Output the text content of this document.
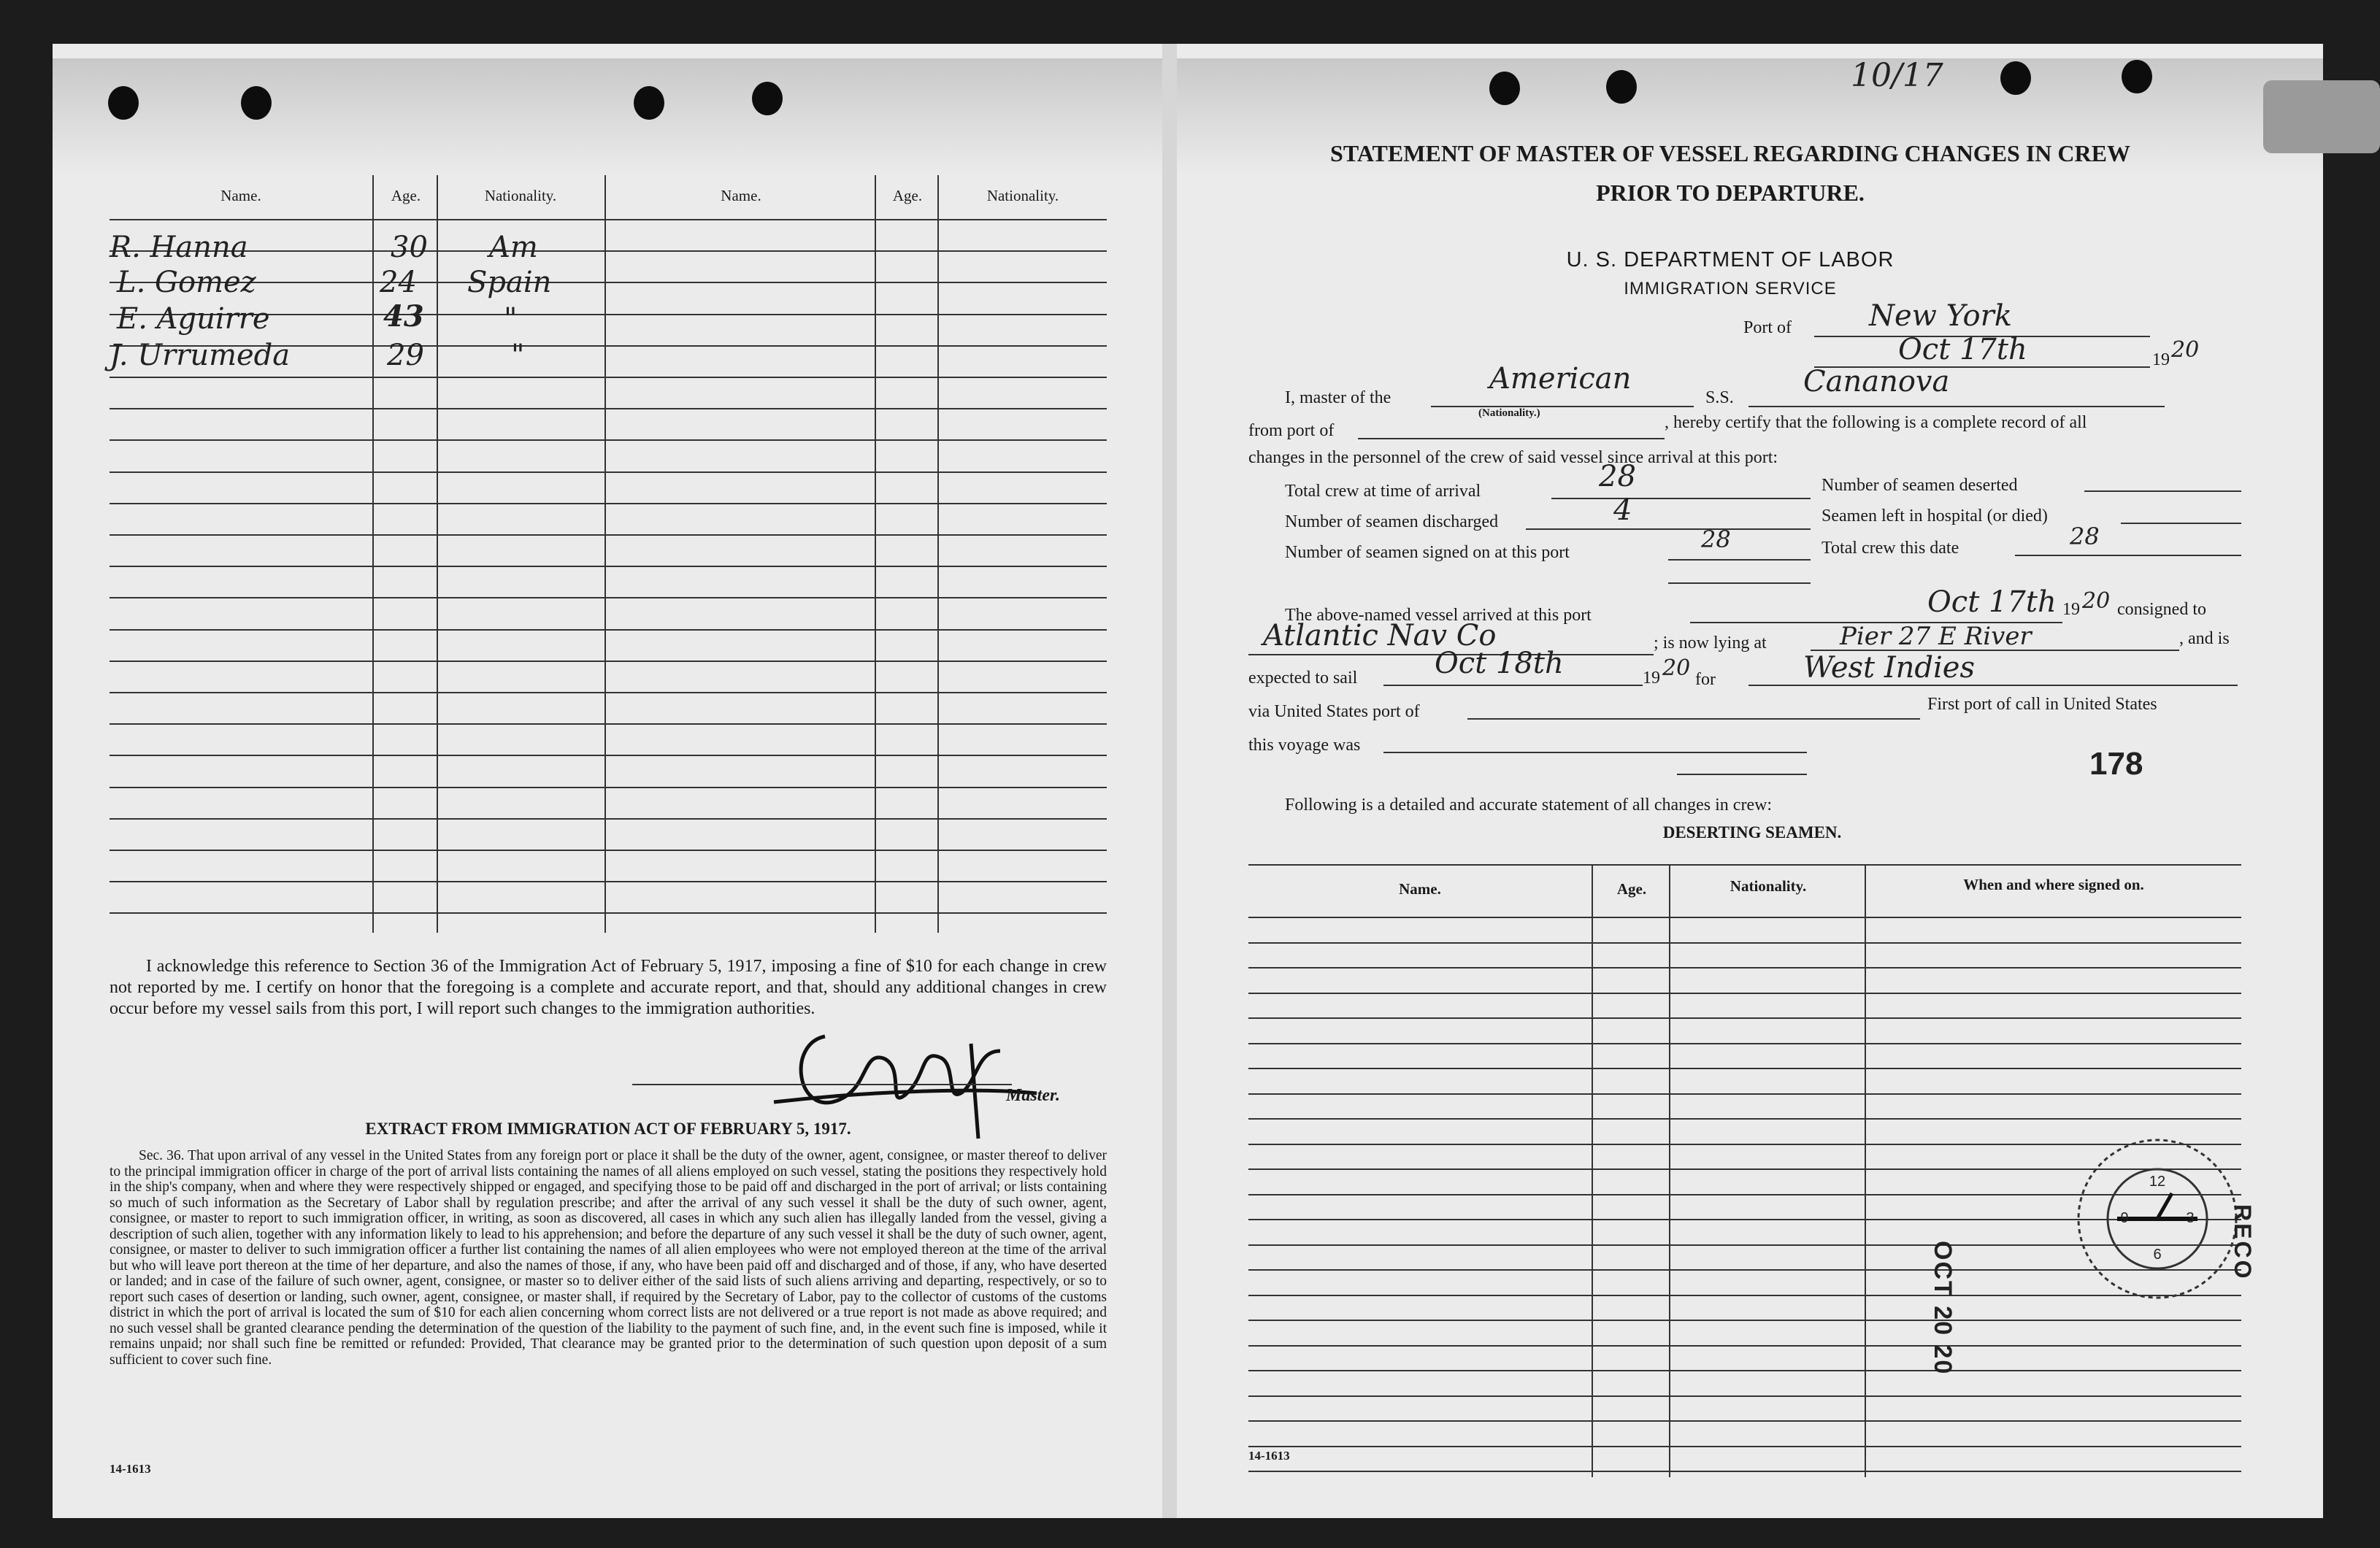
Name.	Age.	Nationality.	Name.	Age.	Nationality.
R. Hanna	30 Am
L. Gomez	24 Spain
E. Aguirre	43	"
J. Urrumeda	29	"
I acknowledge this reference to Section 36 of the Immigration Act of February 5, 1917, imposing a fine of $10 for each change in crew not reported by me. I certify on honor that the foregoing is a complete and accurate report, and that, should any additional changes in crew occur before my vessel sails from this port, I will report such changes to the immigration authorities.
Master.
EXTRACT FROM IMMIGRATION ACT OF FEBRUARY 5, 1917.
Sec. 36. That upon arrival of any vessel in the United States from any foreign port or place it shall be the duty of the owner, agent, consignee, or master thereof to deliver to the principal immigration officer in charge of the port of arrival lists containing the names of all aliens employed on such vessel, stating the positions they respectively hold in the ship's company, when and where they were respectively shipped or engaged, and specifying those to be paid off and discharged in the port of arrival; or lists containing so much of such information as the Secretary of Labor shall by regulation prescribe; and after the arrival of any such vessel it shall be the duty of such owner, agent, consignee, or master to report to such immigration officer, in writing, as soon as discovered, all cases in which any such alien has illegally landed from the vessel, giving a description of such alien, together with any information likely to lead to his apprehension; and before the departure of any such vessel it shall be the duty of such owner, agent, consignee, or master to deliver to such immigration officer a further list containing the names of all alien employees who were not employed thereon at the time of the arrival but who will leave port thereon at the time of her departure, and also the names of those, if any, who have been paid off and discharged and of those, if any, who have deserted or landed; and in case of the failure of such owner, agent, consignee, or master so to deliver either of the said lists of such aliens arriving and departing, respectively, or so to report such cases of desertion or landing, such owner, agent, consignee, or master shall, if required by the Secretary of Labor, pay to the collector of customs of the customs district in which the port of arrival is located the sum of $10 for each alien concerning whom correct lists are not delivered or a true report is not made as above required; and no such vessel shall be granted clearance pending the determination of the question of the liability to the payment of such fine, and, in the event such fine is imposed, while it remains unpaid; nor shall such fine be remitted or refunded: Provided, That clearance may be granted prior to the determination of such question upon deposit of a sum sufficient to cover such fine.
14-1613
10/17
STATEMENT OF MASTER OF VESSEL REGARDING CHANGES IN CREW
PRIOR TO DEPARTURE.
U. S. DEPARTMENT OF LABOR
IMMIGRATION SERVICE
Port of	New York
Oct 17th	19 20
I, master of the
American
(Nationality.)
S.S. Cananova
from port of	, hereby certify that the following is a complete record of all
changes in the personnel of the crew of said vessel since arrival at this port:
Total crew at time of arrival	28	Number of seamen deserted
Number of seamen discharged	4	Seamen left in hospital (or died)
Number of seamen signed on at this port	28	Total crew this date	28
The above-named vessel arrived at this port	Oct 17th 19 20 consigned to
Atlantic Nav Co	; is now lying at	Pier 27 E River	, and is
expected to sail	Oct 18th	19 20 for	West Indies
via United States port of	First port of call in United States
this voyage was
178
Following is a detailed and accurate statement of all changes in crew:
DESERTING SEAMEN.
Name.	Age.	Nationality.	When and where signed on.
14-1613

OCT 20 20
12
3
6
9	RECO
